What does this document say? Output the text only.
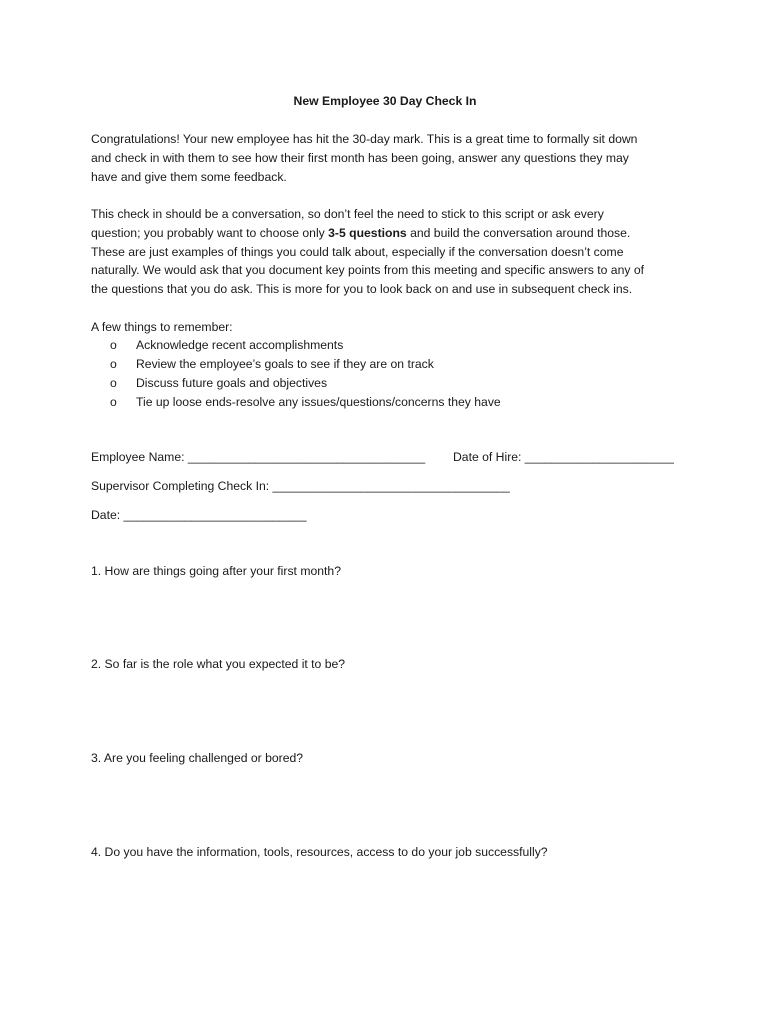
New Employee 30 Day Check In

Congratulations! Your new employee has hit the 30-day mark. This is a great time to formally sit down
and check in with them to see how their first month has been going, answer any questions they may
have and give them some feedback.

This check in should be a conversation, so don’t feel the need to stick to this script or ask every
question; you probably want to choose only 3-5 questions and build the conversation around those.
These are just examples of things you could talk about, especially if the conversation doesn’t come
naturally. We would ask that you document key points from this meeting and specific answers to any of
the questions that you do ask. This is more for you to look back on and use in subsequent check ins.

A few things to remember:
o	Acknowledge recent accomplishments
o	Review the employee’s goals to see if they are on track
o	Discuss future goals and objectives
o	Tie up loose ends-resolve any issues/questions/concerns they have
Employee Name: ___________________________________ Date of Hire: ______________________
Supervisor Completing Check In: ___________________________________
Date: ___________________________
1. How are things going after your first month?
2. So far is the role what you expected it to be?
3. Are you feeling challenged or bored?
4. Do you have the information, tools, resources, access to do your job successfully?
